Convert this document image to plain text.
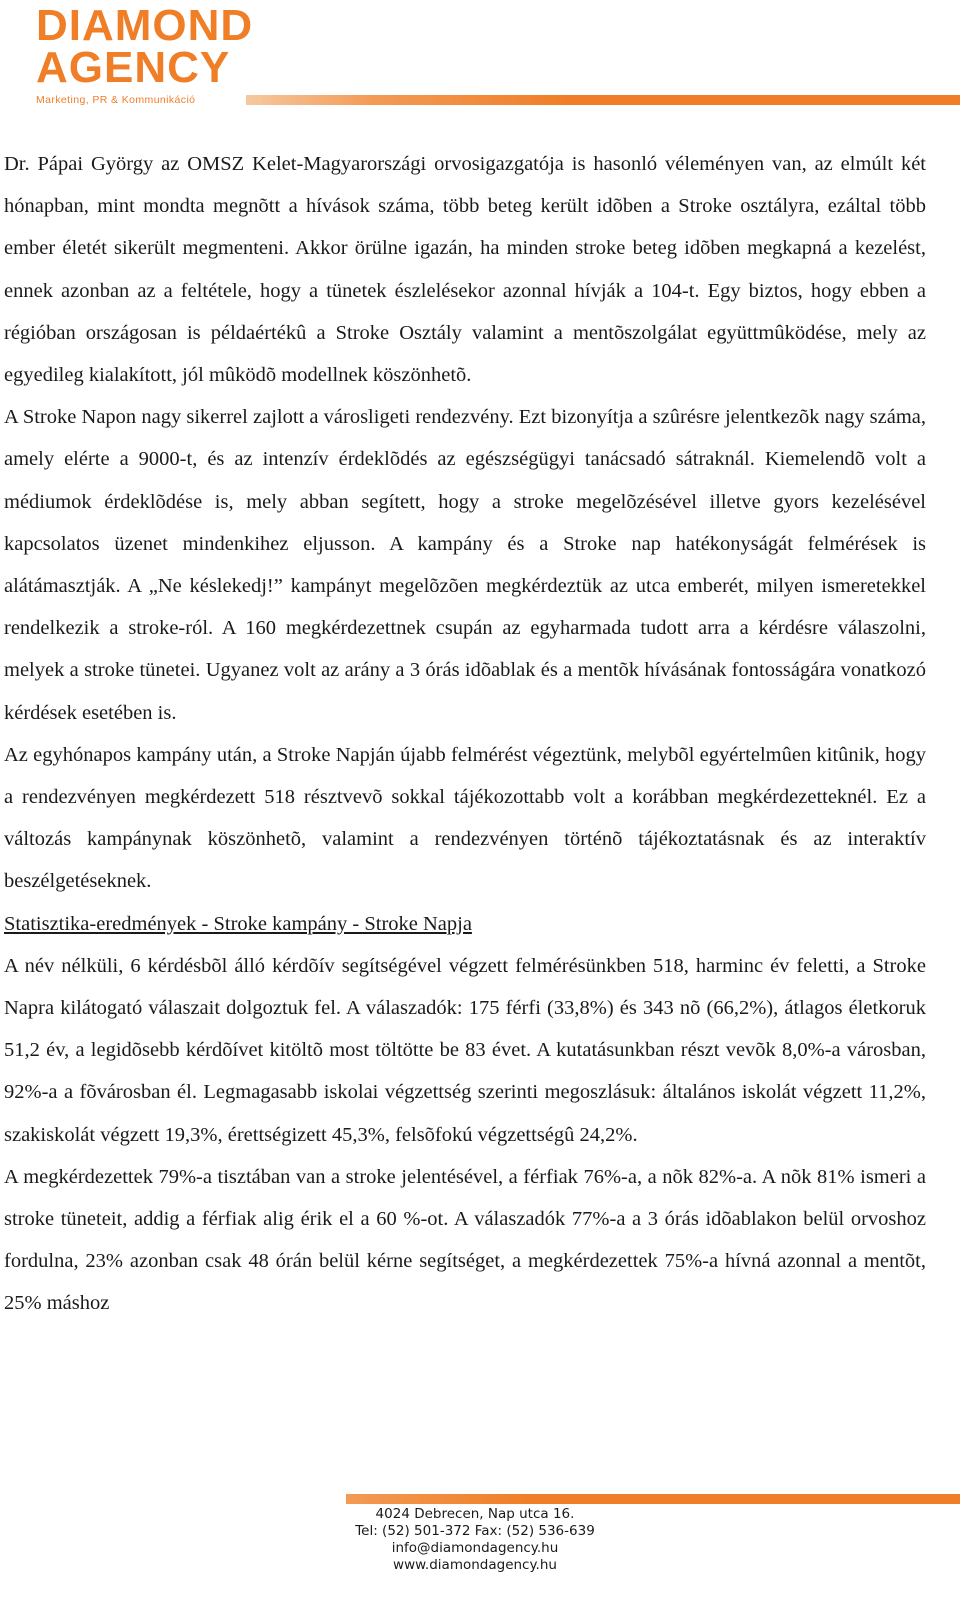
DIAMOND
AGENCY
Marketing, PR & Kommunikáció

Dr. Pápai György az OMSZ Kelet-Magyarországi orvosigazgatója is hasonló véleményen van, az elmúlt két hónapban, mint mondta megnõtt a hívások száma, több beteg került idõben a Stroke osztályra, ezáltal több ember életét sikerült megmenteni. Akkor örülne igazán, ha minden stroke beteg idõben megkapná a kezelést, ennek azonban az a feltétele, hogy a tünetek észlelésekor azonnal hívják a 104-t. Egy biztos, hogy ebben a régióban országosan is példaértékû a Stroke Osztály valamint a mentõszolgálat együttmûködése, mely az egyedileg kialakított, jól mûködõ modellnek köszönhetõ.

A Stroke Napon nagy sikerrel zajlott a városligeti rendezvény. Ezt bizonyítja a szûrésre jelentkezõk nagy száma, amely elérte a 9000-t, és az intenzív érdeklõdés az egészségügyi tanácsadó sátraknál. Kiemelendõ volt a médiumok érdeklõdése is, mely abban segített, hogy a stroke megelõzésével illetve gyors kezelésével kapcsolatos üzenet mindenkihez eljusson. A kampány és a Stroke nap hatékonyságát felmérések is alátámasztják. A „Ne késlekedj!” kampányt megelõzõen megkérdeztük az utca emberét, milyen ismeretekkel rendelkezik a stroke-ról. A 160 megkérdezettnek csupán az egyharmada tudott arra a kérdésre válaszolni, melyek a stroke tünetei. Ugyanez volt az arány a 3 órás idõablak és a mentõk hívásának fontosságára vonatkozó kérdések esetében is.

Az egyhónapos kampány után, a Stroke Napján újabb felmérést végeztünk, melybõl egyértelmûen kitûnik, hogy a rendezvényen megkérdezett 518 résztvevõ sokkal tájékozottabb volt a korábban megkérdezetteknél. Ez a változás kampánynak köszönhetõ, valamint a rendezvényen történõ tájékoztatásnak és az interaktív beszélgetéseknek.

Statisztika-eredmények - Stroke kampány - Stroke Napja

A név nélküli, 6 kérdésbõl álló kérdõív segítségével végzett felmérésünkben 518, harminc év feletti, a Stroke Napra kilátogató válaszait dolgoztuk fel. A válaszadók: 175 férfi (33,8%) és 343 nõ (66,2%), átlagos életkoruk 51,2 év, a legidõsebb kérdõívet kitöltõ most töltötte be 83 évet. A kutatásunkban részt vevõk 8,0%-a városban, 92%-a a fõvárosban él. Legmagasabb iskolai végzettség szerinti megoszlásuk: általános iskolát végzett 11,2%, szakiskolát végzett 19,3%, érettségizett 45,3%, felsõfokú végzettségû 24,2%.

A megkérdezettek 79%-a tisztában van a stroke jelentésével, a férfiak 76%-a, a nõk 82%-a. A nõk 81% ismeri a stroke tüneteit, addig a férfiak alig érik el a 60 %-ot. A válaszadók 77%-a a 3 órás idõablakon belül orvoshoz fordulna, 23% azonban csak 48 órán belül kérne segítséget, a megkérdezettek 75%-a hívná azonnal a mentõt, 25% máshoz

4024 Debrecen, Nap utca 16.
Tel: (52) 501-372 Fax: (52) 536-639
info@diamondagency.hu
www.diamondagency.hu
